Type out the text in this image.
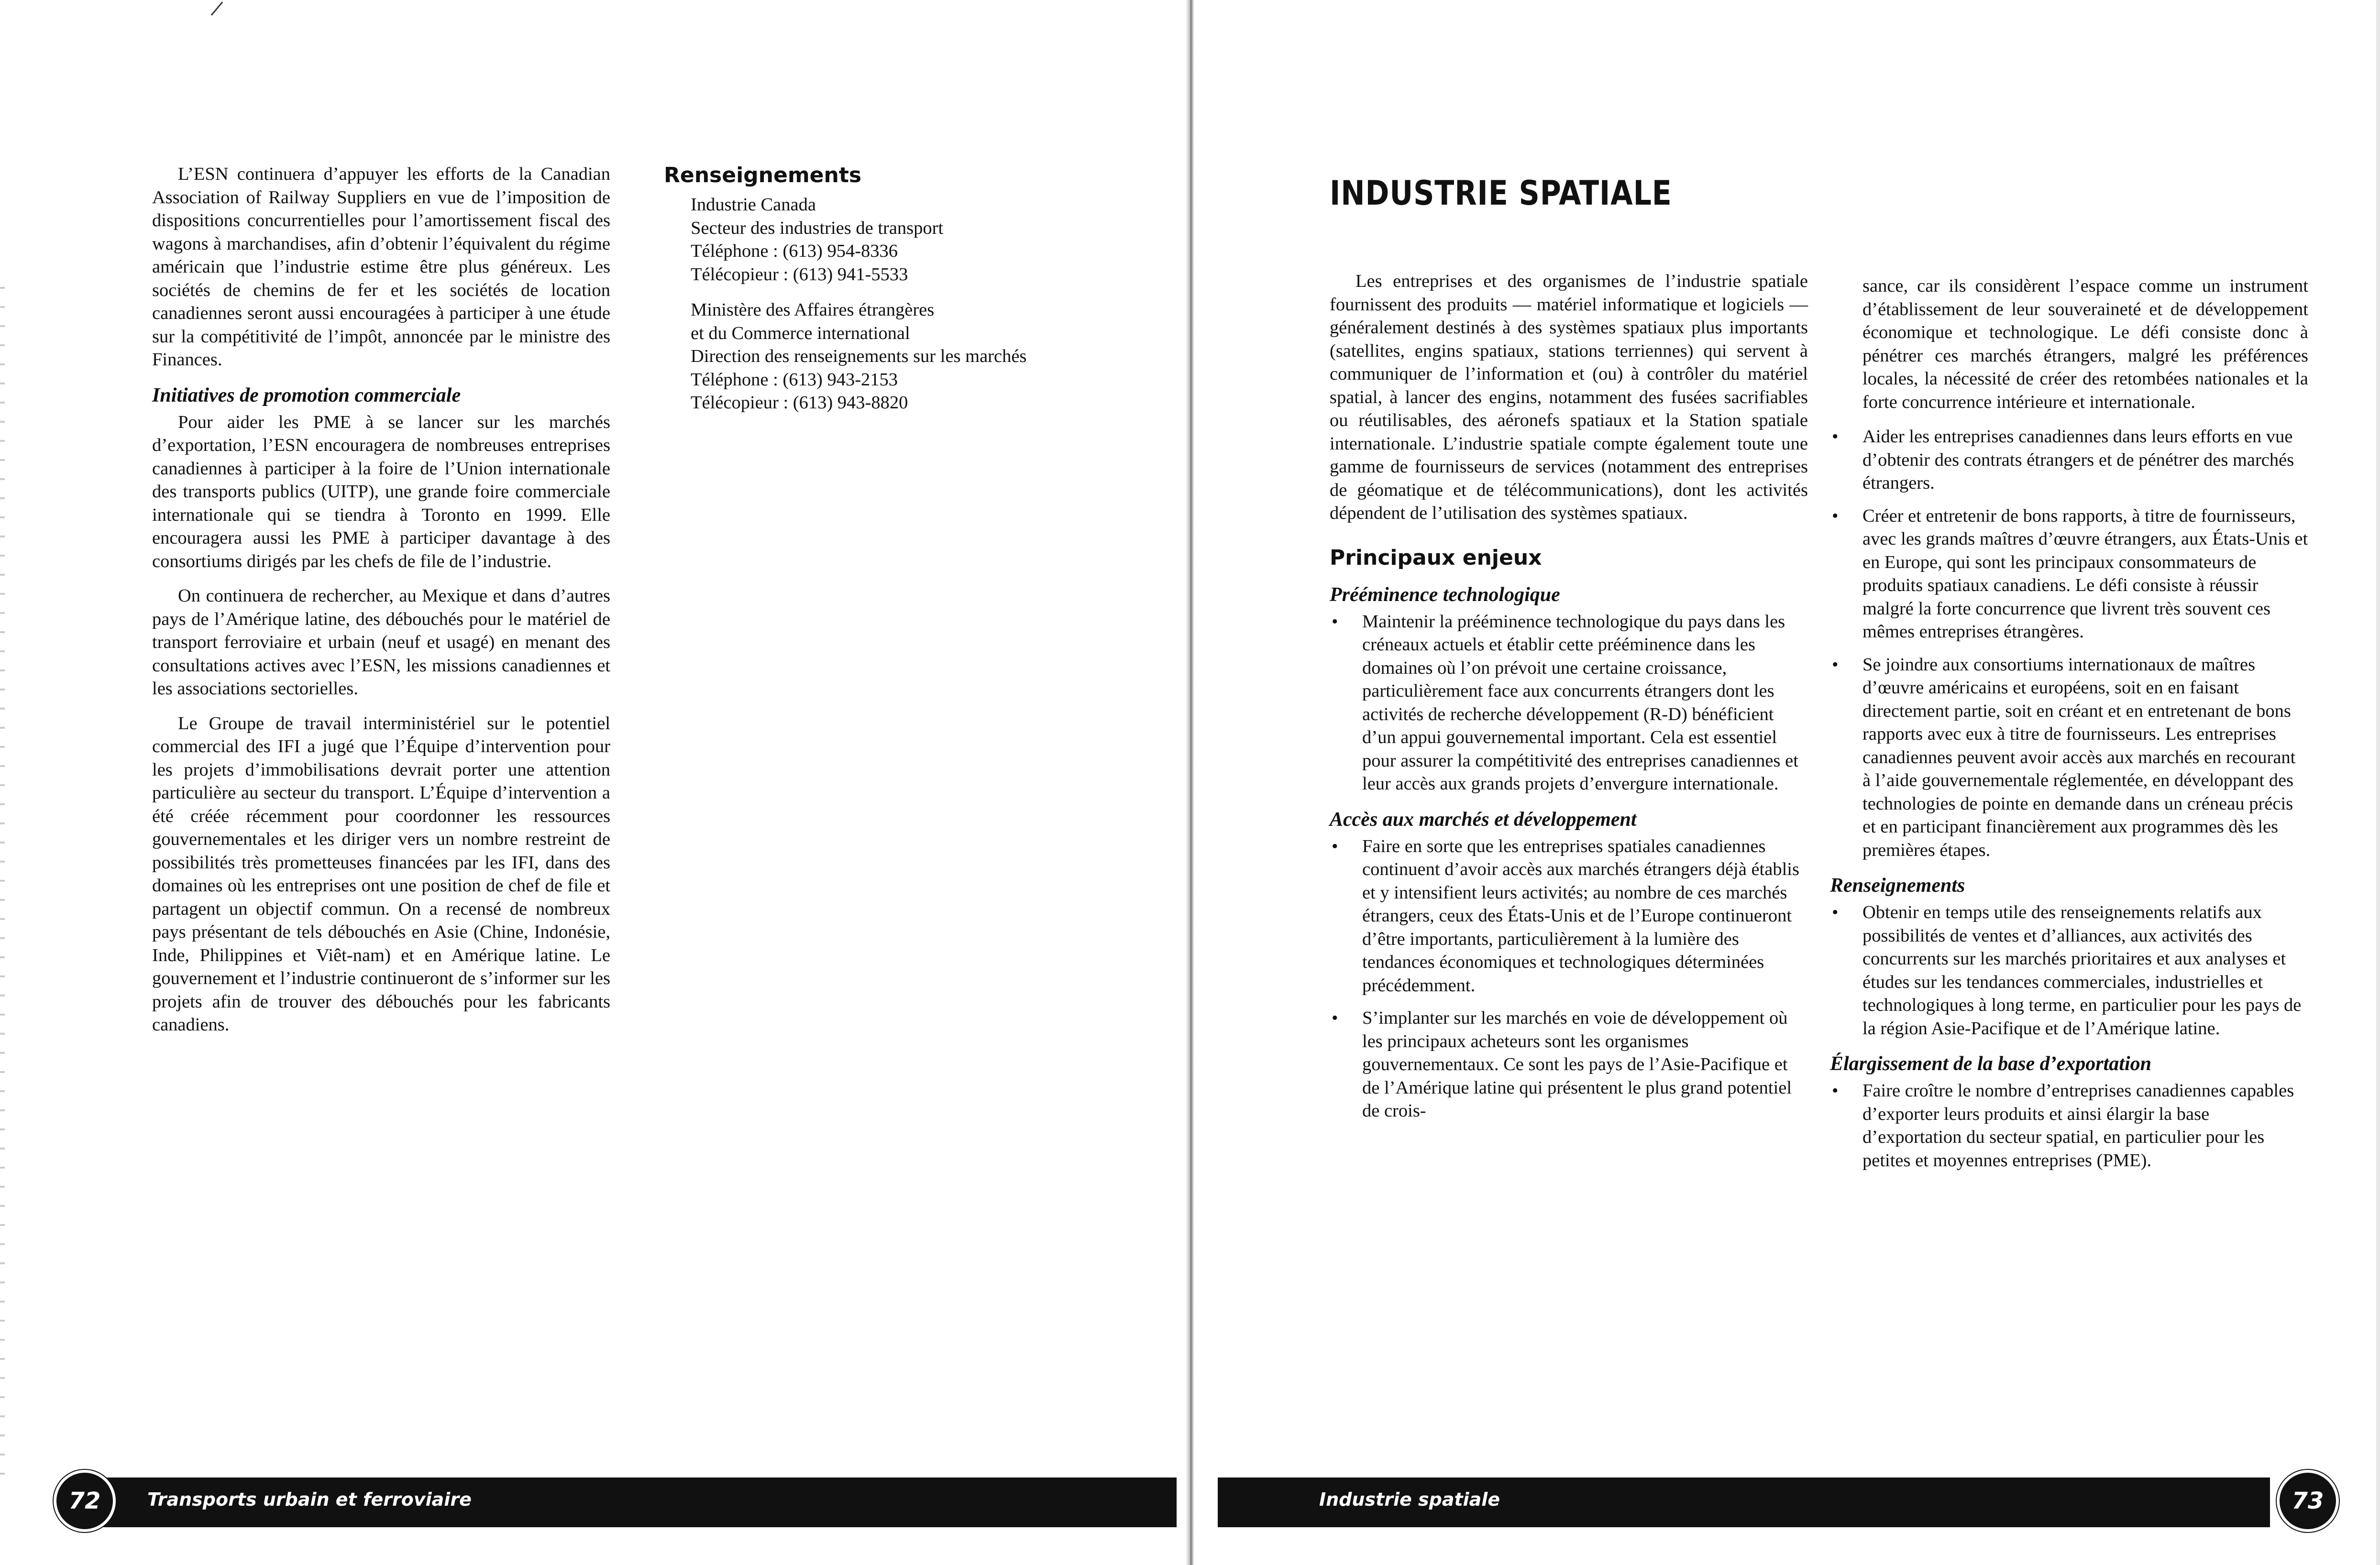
L’ESN continuera d’appuyer les efforts de la Canadian Association of Railway Suppliers en vue de l’imposition de dispositions concurrentielles pour l’amortissement fiscal des wagons à marchandises, afin d’obtenir l’équivalent du régime américain que l’industrie estime être plus généreux. Les sociétés de chemins de fer et les sociétés de location canadiennes seront aussi encouragées à participer à une étude sur la compétitivité de l’impôt, annoncée par le ministre des Finances.

Initiatives de promotion commerciale

Pour aider les PME à se lancer sur les marchés d’exportation, l’ESN encouragera de nombreuses entreprises canadiennes à participer à la foire de l’Union internationale des transports publics (UITP), une grande foire commerciale internationale qui se tiendra à Toronto en 1999. Elle encouragera aussi les PME à participer davantage à des consortiums dirigés par les chefs de file de l’industrie.

On continuera de rechercher, au Mexique et dans d’autres pays de l’Amérique latine, des débouchés pour le matériel de transport ferroviaire et urbain (neuf et usagé) en menant des consultations actives avec l’ESN, les missions canadiennes et les associations sectorielles.

Le Groupe de travail interministériel sur le potentiel commercial des IFI a jugé que l’Équipe d’intervention pour les projets d’immobilisations devrait porter une attention particulière au secteur du transport. L’Équipe d’intervention a été créée récemment pour coordonner les ressources gouvernementales et les diriger vers un nombre restreint de possibilités très prometteuses financées par les IFI, dans des domaines où les entreprises ont une position de chef de file et partagent un objectif commun. On a recensé de nombreux pays présentant de tels débouchés en Asie (Chine, Indonésie, Inde, Philippines et Viêt-nam) et en Amérique latine. Le gouvernement et l’industrie continueront de s’informer sur les projets afin de trouver des débouchés pour les fabricants canadiens.

Renseignements
Industrie Canada
Secteur des industries de transport
Téléphone : (613) 954-8336
Télécopieur : (613) 941-5533
Ministère des Affaires étrangères
et du Commerce international
Direction des renseignements sur les marchés
Téléphone : (613) 943-2153
Télécopieur : (613) 943-8820
Transports urbain et ferroviaire
72
INDUSTRIE SPATIALE

Les entreprises et des organismes de l’industrie spatiale fournissent des produits — matériel informatique et logiciels — généralement destinés à des systèmes spatiaux plus importants (satellites, engins spatiaux, stations terriennes) qui servent à communiquer de l’information et (ou) à contrôler du matériel spatial, à lancer des engins, notamment des fusées sacrifiables ou réutilisables, des aéronefs spatiaux et la Station spatiale internationale. L’industrie spatiale compte également toute une gamme de fournisseurs de services (notamment des entreprises de géomatique et de télécommunications), dont les activités dépendent de l’utilisation des systèmes spatiaux.

Principaux enjeux
Prééminence technologique
• Maintenir la prééminence technologique du pays dans les créneaux actuels et établir cette prééminence dans les domaines où l’on prévoit une certaine croissance, particulièrement face aux concurrents étrangers dont les activités de recherche développement (R-D) bénéficient d’un appui gouvernemental important. Cela est essentiel pour assurer la compétitivité des entreprises canadiennes et leur accès aux grands projets d’envergure internationale.
Accès aux marchés et développement
• Faire en sorte que les entreprises spatiales canadiennes continuent d’avoir accès aux marchés étrangers déjà établis et y intensifient leurs activités; au nombre de ces marchés étrangers, ceux des États-Unis et de l’Europe continueront d’être importants, particulièrement à la lumière des tendances économiques et technologiques déterminées précédemment.
• S’implanter sur les marchés en voie de développement où les principaux acheteurs sont les organismes gouvernementaux. Ce sont les pays de l’Asie-Pacifique et de l’Amérique latine qui présentent le plus grand potentiel de crois-

sance, car ils considèrent l’espace comme un instrument d’établissement de leur souveraineté et de développement économique et technologique. Le défi consiste donc à pénétrer ces marchés étrangers, malgré les préférences locales, la nécessité de créer des retombées nationales et la forte concurrence intérieure et internationale.

• Aider les entreprises canadiennes dans leurs efforts en vue d’obtenir des contrats étrangers et de pénétrer des marchés étrangers.
• Créer et entretenir de bons rapports, à titre de fournisseurs, avec les grands maîtres d’œuvre étrangers, aux États-Unis et en Europe, qui sont les principaux consommateurs de produits spatiaux canadiens. Le défi consiste à réussir malgré la forte concurrence que livrent très souvent ces mêmes entreprises étrangères.
• Se joindre aux consortiums internationaux de maîtres d’œuvre américains et européens, soit en en faisant directement partie, soit en créant et en entretenant de bons rapports avec eux à titre de fournisseurs. Les entreprises canadiennes peuvent avoir accès aux marchés en recourant à l’aide gouvernementale réglementée, en développant des technologies de pointe en demande dans un créneau précis et en participant financièrement aux programmes dès les premières étapes.
Renseignements
• Obtenir en temps utile des renseignements relatifs aux possibilités de ventes et d’alliances, aux activités des concurrents sur les marchés prioritaires et aux analyses et études sur les tendances commerciales, industrielles et technologiques à long terme, en particulier pour les pays de la région Asie-Pacifique et de l’Amérique latine.
Élargissement de la base d’exportation
• Faire croître le nombre d’entreprises canadiennes capables d’exporter leurs produits et ainsi élargir la base d’exportation du secteur spatial, en particulier pour les petites et moyennes entreprises (PME).
Industrie spatiale	73
